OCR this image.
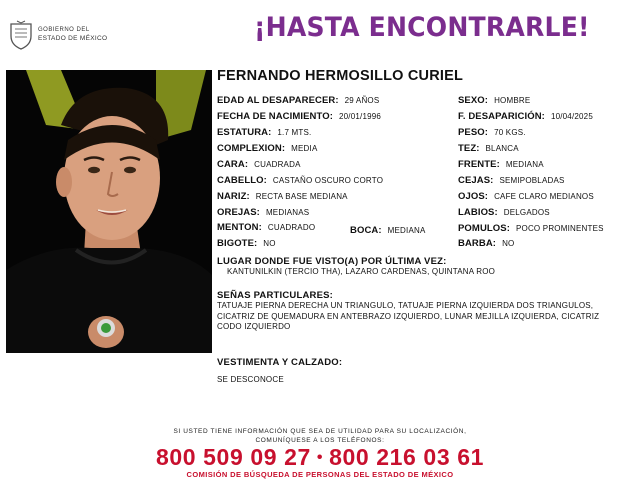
GOBIERNO DEL
ESTADO DE MÉXICO	¡HASTA ENCONTRARLE!
FERNANDO HERMOSILLO CURIEL
EDAD AL DESAPARECER: 29 AÑOS	SEXO: HOMBRE
FECHA DE NACIMIENTO: 20/01/1996	F. DESAPARICIÓN: 10/04/2025
ESTATURA: 1.7 MTS.	PESO: 70 KGS.
COMPLEXION: MEDIA	TEZ: BLANCA
CARA: CUADRADA	FRENTE: MEDIANA
CABELLO: CASTAÑO OSCURO CORTO	CEJAS: SEMIPOBLADAS
NARIZ: RECTA BASE MEDIANA	OJOS: CAFE CLARO MEDIANOS
OREJAS: MEDIANAS	LABIOS: DELGADOS
MENTON: CUADRADO	BOCA: MEDIANA	POMULOS: POCO PROMINENTES
BIGOTE: NO	BARBA: NO
LUGAR DONDE FUE VISTO(A) POR ÚLTIMA VEZ:
KANTUNILKIN (TERCIO THA), LAZARO CARDENAS, QUINTANA ROO
SEÑAS PARTICULARES:
TATUAJE PIERNA DERECHA UN TRIANGULO, TATUAJE PIERNA IZQUIERDA DOS TRIANGULOS, CICATRIZ DE QUEMADURA EN ANTEBRAZO IZQUIERDO, LUNAR MEJILLA IZQUIERDA, CICATRIZ CODO IZQUIERDO
VESTIMENTA Y CALZADO:
SE DESCONOCE
SI USTED TIENE INFORMACIÓN QUE SEA DE UTILIDAD PARA SU LOCALIZACIÓN,
COMUNÍQUESE A LOS TELÉFONOS:
800 509 09 27 • 800 216 03 61
COMISIÓN DE BÚSQUEDA DE PERSONAS DEL ESTADO DE MÉXICO
